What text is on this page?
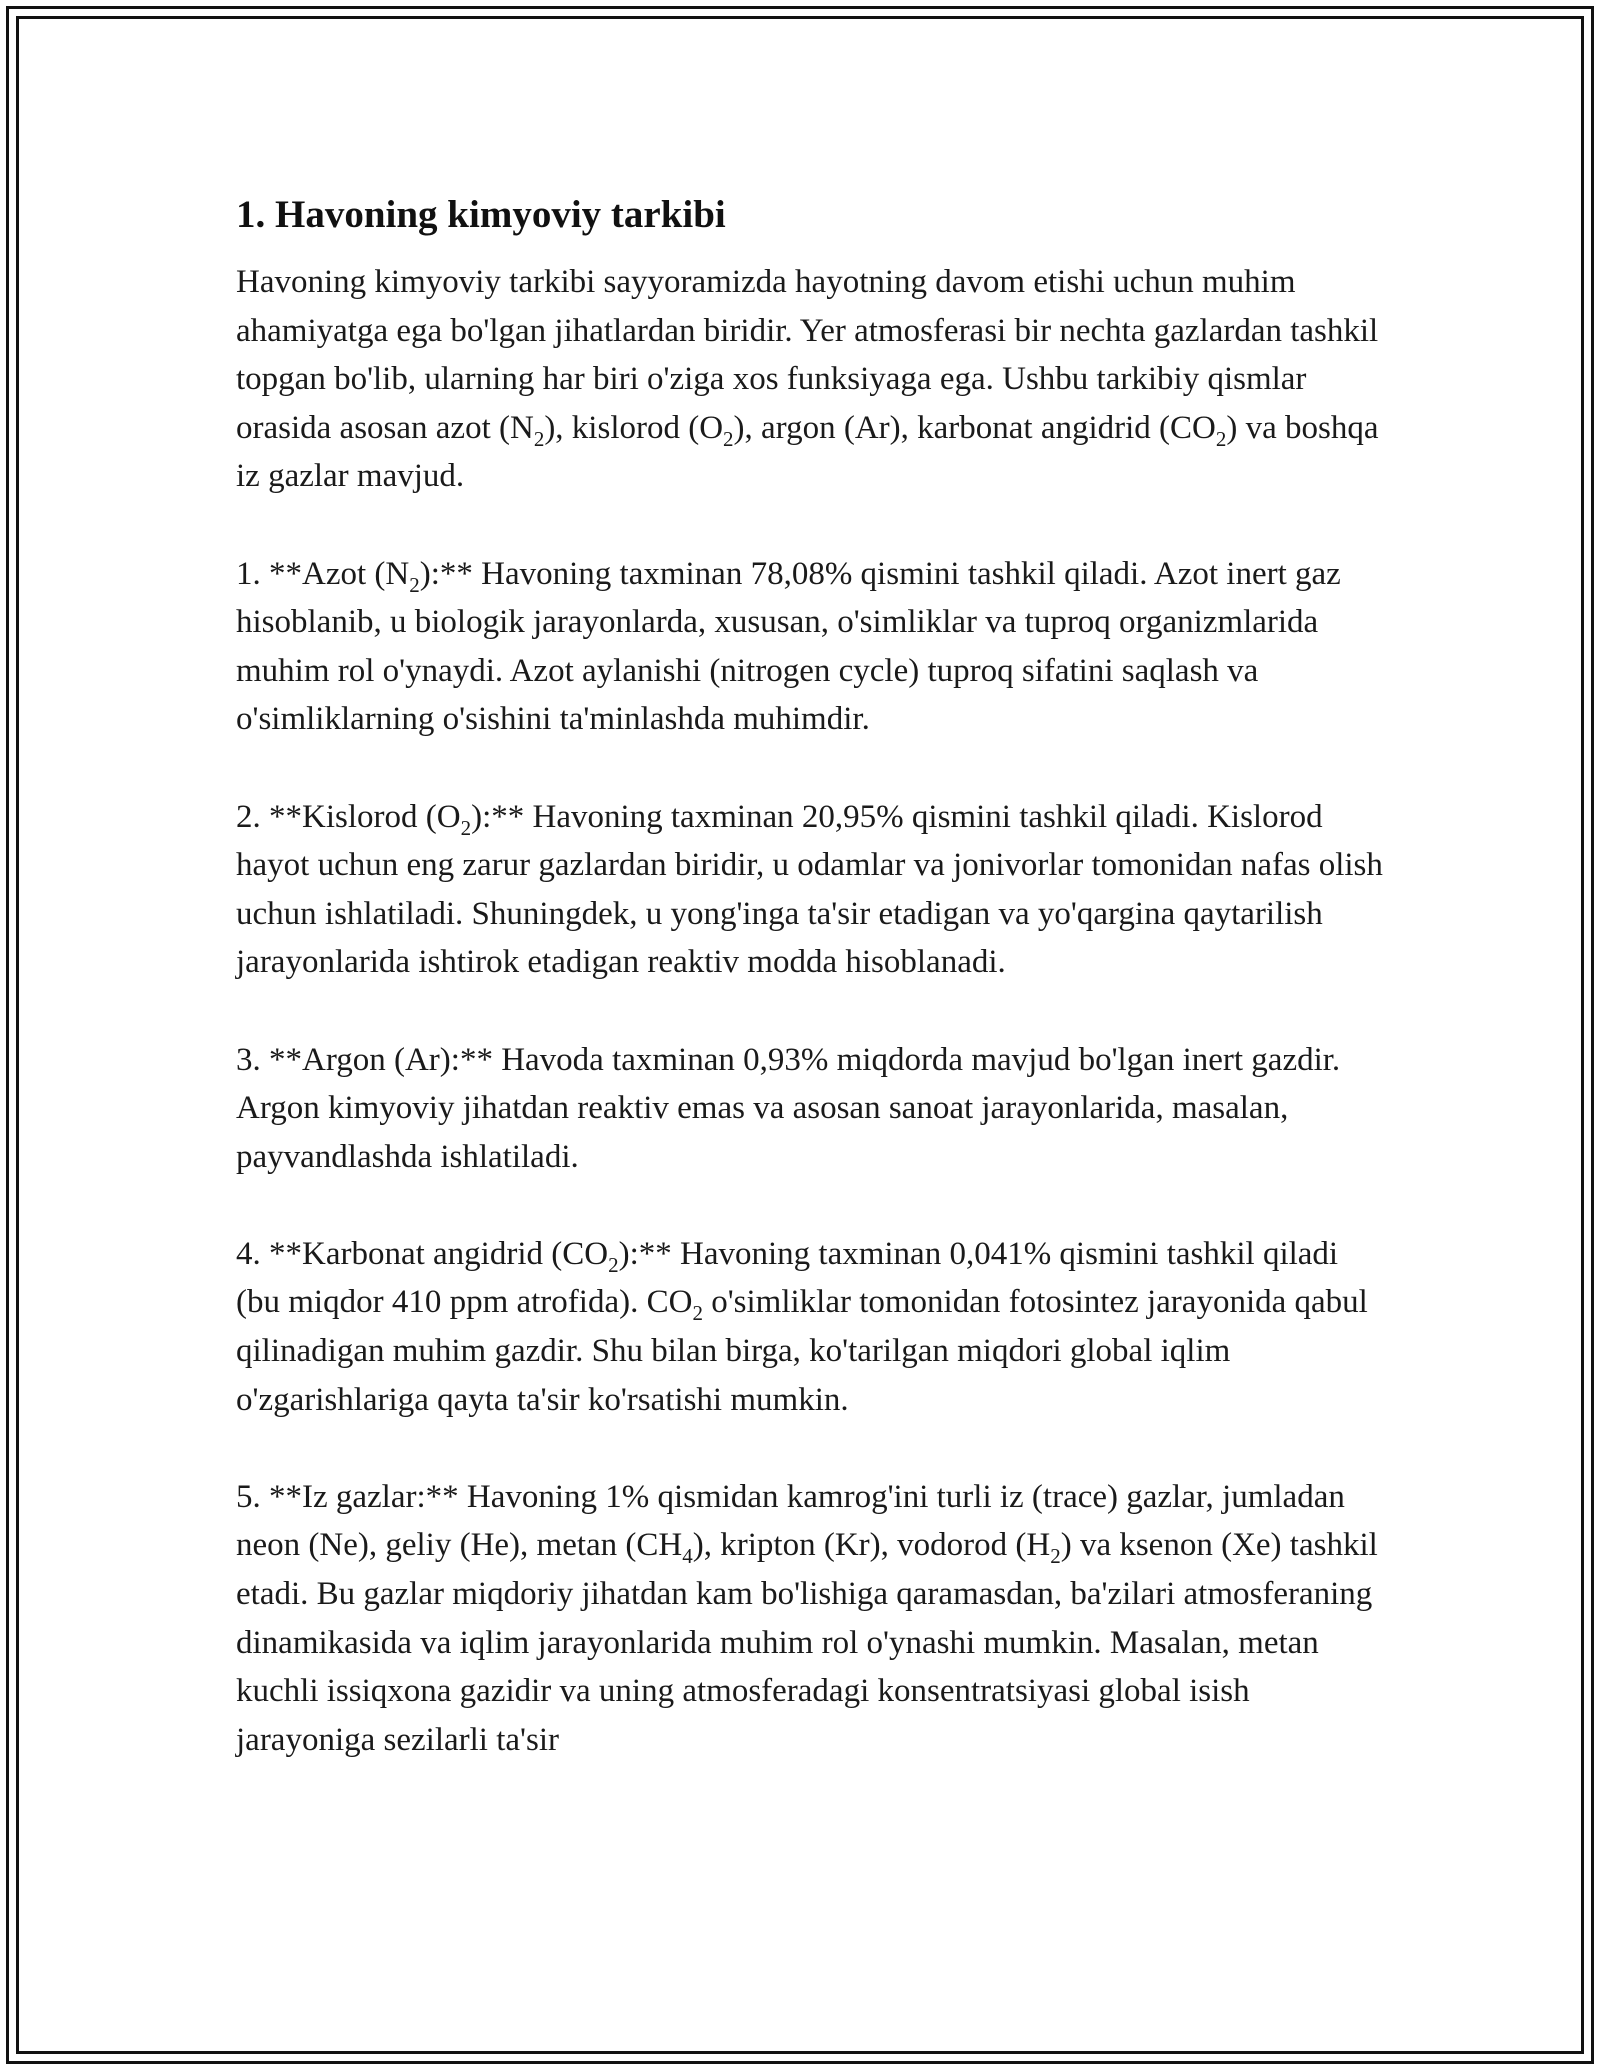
1. Havoning kimyoviy tarkibi

Havoning kimyoviy tarkibi sayyoramizda hayotning davom etishi uchun muhim ahamiyatga ega bo'lgan jihatlardan biridir. Yer atmosferasi bir nechta gazlardan tashkil topgan bo'lib, ularning har biri o'ziga xos funksiyaga ega. Ushbu tarkibiy qismlar orasida asosan azot $(N_2)$, kislorod $(O_2)$, argon (Ar), karbonat angidrid $(CO_2)$ va boshqa iz gazlar mavjud.

1. **Azot $(N_2):**$ Havoning taxminan 78,08% qismini tashkil qiladi. Azot inert gaz hisoblanib, u biologik jarayonlarda, xususan, o'simliklar va tuproq organizmlarida muhim rol o'ynaydi. Azot aylanishi (nitrogen cycle) tuproq sifatini saqlash va o'simliklarning o'sishini ta'minlashda muhimdir.

2. **Kislorod $(O_2):**$ Havoning taxminan 20,95% qismini tashkil qiladi. Kislorod hayot uchun eng zarur gazlardan biridir, u odamlar va jonivorlar tomonidan nafas olish uchun ishlatiladi. Shuningdek, u yong'inga ta'sir etadigan va yo'qargina qaytarilish jarayonlarida ishtirok etadigan reaktiv modda hisoblanadi.

3. **Argon (Ar):** Havoda taxminan 0,93% miqdorda mavjud bo'lgan inert gazdir. Argon kimyoviy jihatdan reaktiv emas va asosan sanoat jarayonlarida, masalan, payvandlashda ishlatiladi.

4. **Karbonat angidrid $(CO_2):**$ Havoning taxminan 0,041% qismini tashkil qiladi (bu miqdor 410 ppm atrofida). $CO_2$ o'simliklar tomonidan fotosintez jarayonida qabul qilinadigan muhim gazdir. Shu bilan birga, ko'tarilgan miqdori global iqlim o'zgarishlariga qayta ta'sir ko'rsatishi mumkin.

5. **Iz gazlar:** Havoning 1% qismidan kamrog'ini turli iz (trace) gazlar, jumladan neon (Ne), geliy (He), metan $(CH_4)$, kripton (Kr), vodorod $(H_2)$ va ksenon (Xe) tashkil etadi. Bu gazlar miqdoriy jihatdan kam bo'lishiga qaramasdan, ba'zilari atmosferaning dinamikasida va iqlim jarayonlarida muhim rol o'ynashi mumkin. Masalan, metan kuchli issiqxona gazidir va uning atmosferadagi konsentratsiyasi global isish jarayoniga sezilarli ta'sir
